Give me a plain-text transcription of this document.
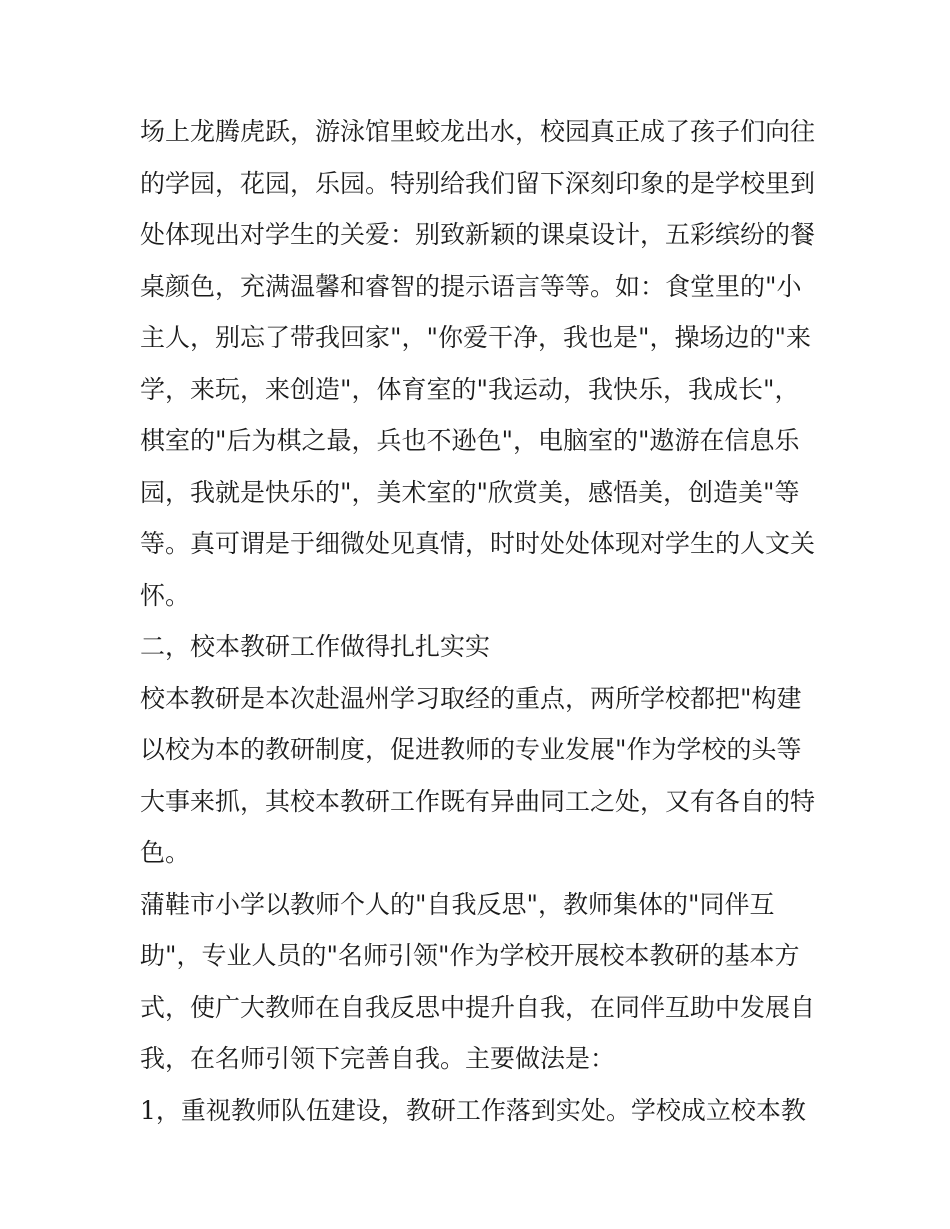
场上龙腾虎跃，游泳馆里蛟龙出水，校园真正成了孩子们向往
的学园，花园，乐园。特别给我们留下深刻印象的是学校里到
处体现出对学生的关爱：别致新颖的课桌设计，五彩缤纷的餐
桌颜色，充满温馨和睿智的提示语言等等。如：食堂里的"小
主人，别忘了带我回家"，"你爱干净，我也是"，操场边的"来
学，来玩，来创造"，体育室的"我运动，我快乐，我成长"，
棋室的"后为棋之最，兵也不逊色"，电脑室的"遨游在信息乐
园，我就是快乐的"，美术室的"欣赏美，感悟美，创造美"等
等。真可谓是于细微处见真情，时时处处体现对学生的人文关
怀。
二，校本教研工作做得扎扎实实
校本教研是本次赴温州学习取经的重点，两所学校都把"构建
以校为本的教研制度，促进教师的专业发展"作为学校的头等
大事来抓，其校本教研工作既有异曲同工之处，又有各自的特
色。
蒲鞋市小学以教师个人的"自我反思"，教师集体的"同伴互
助"，专业人员的"名师引领"作为学校开展校本教研的基本方
式，使广大教师在自我反思中提升自我，在同伴互助中发展自
我，在名师引领下完善自我。主要做法是：
1，重视教师队伍建设，教研工作落到实处。学校成立校本教
